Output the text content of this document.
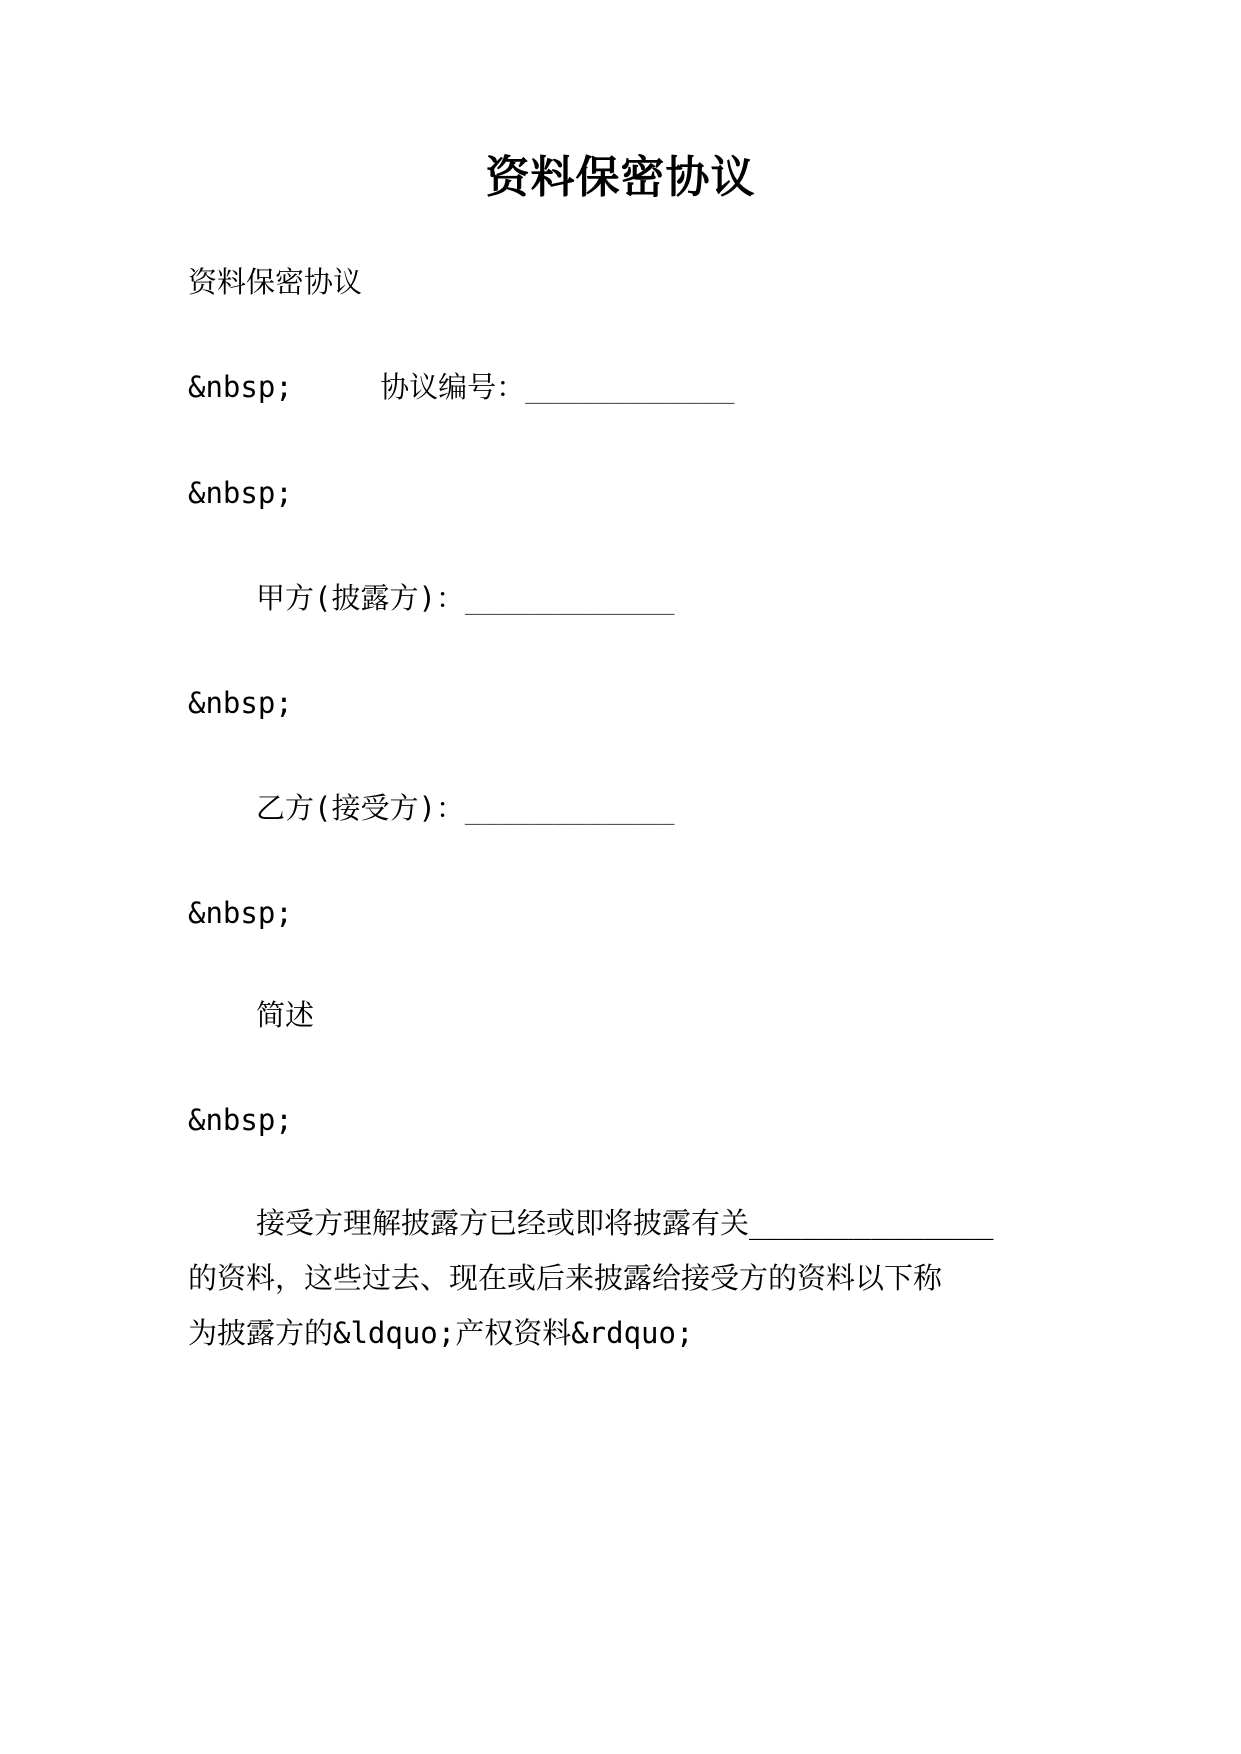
资料保密协议

资料保密协议

&nbsp;	协议编号：____________

&nbsp;

甲方(披露方)：____________

&nbsp;

乙方(接受方)：____________

&nbsp;

简述

&nbsp;

接受方理解披露方已经或即将披露有关______________

的资料，这些过去、现在或后来披露给接受方的资料以下称

为披露方的&ldquo;产权资料&rdquo;
